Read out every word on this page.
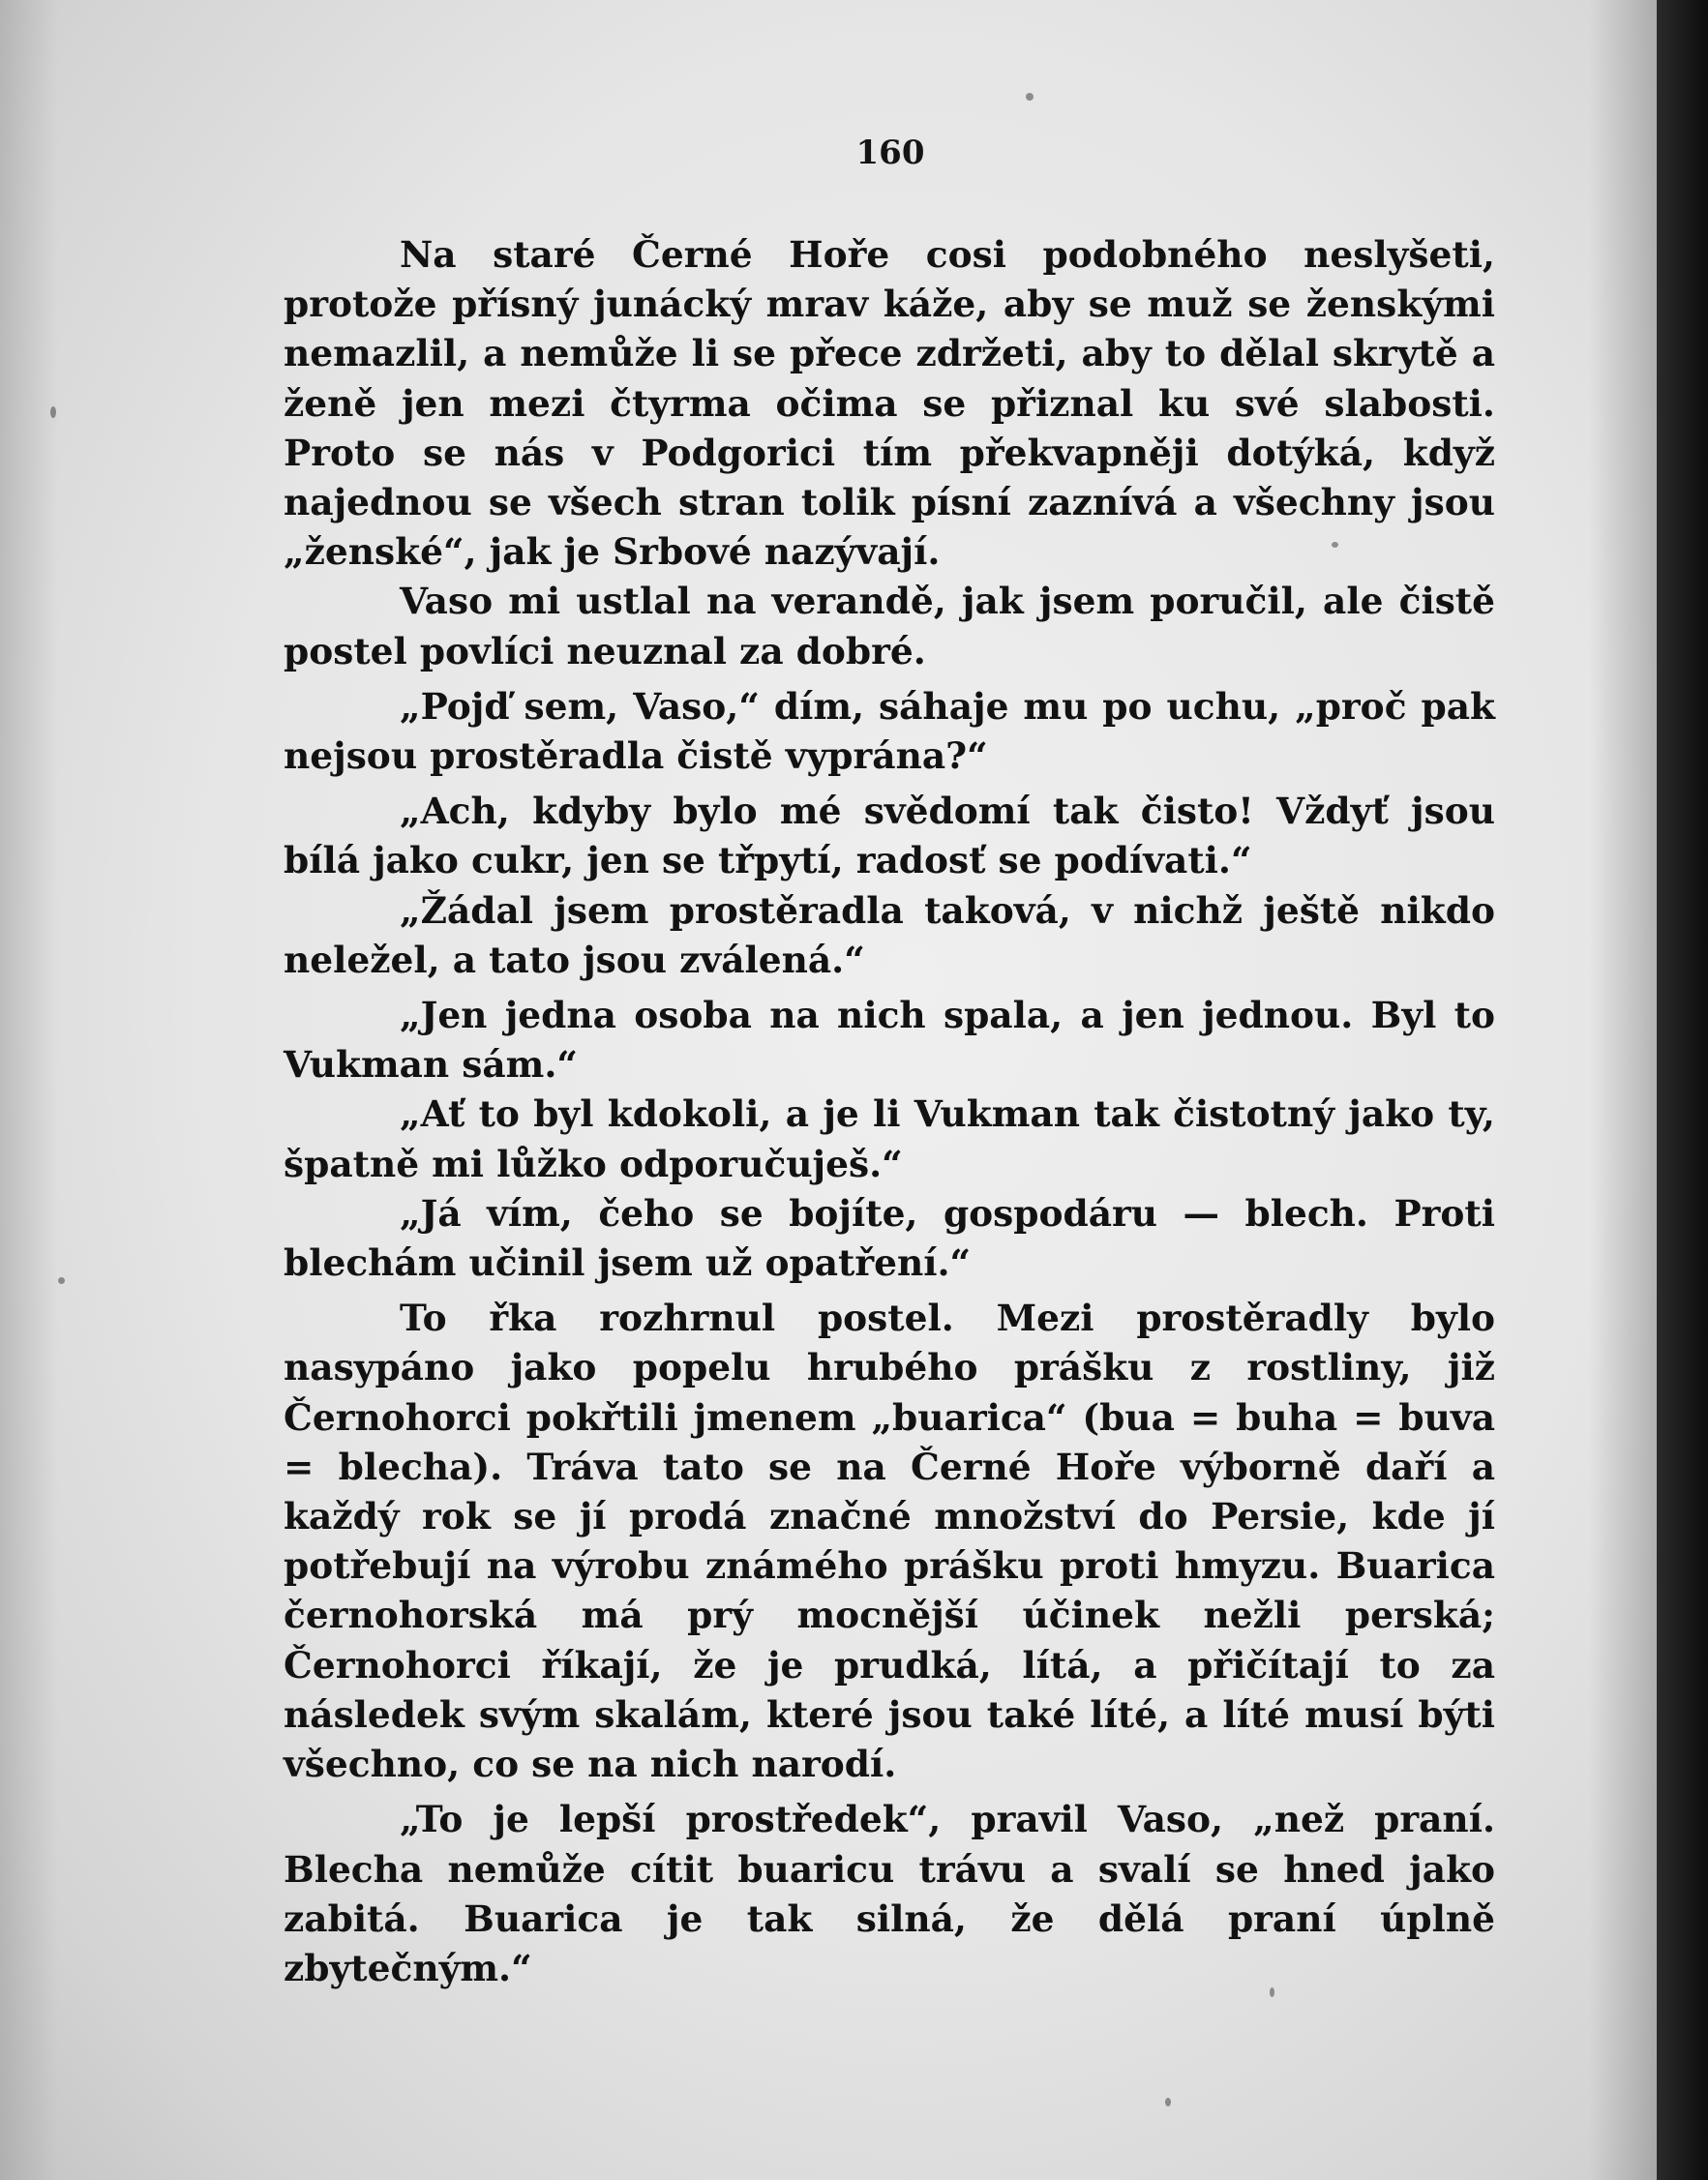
160

Na staré Černé Hoře cosi podobného neslyšeti, protože přísný junácký mrav káže, aby se muž se ženskými nemazlil, a nemůže li se přece zdržeti, aby to dělal skrytě a ženě jen mezi čtyrma očima se přiznal ku své slabosti. Proto se nás v Podgorici tím překvapněji dotýká, když najednou se všech stran tolik písní zaznívá a všechny jsou „ženské“, jak je Srbové nazývají.

Vaso mi ustlal na verandě, jak jsem poručil, ale čistě postel povlíci neuznal za dobré.

„Pojď sem, Vaso,“ dím, sáhaje mu po uchu, „proč pak nejsou prostěradla čistě vyprána?“

„Ach, kdyby bylo mé svědomí tak čisto! Vždyť jsou bílá jako cukr, jen se třpytí, radosť se podívati.“

„Žádal jsem prostěradla taková, v nichž ještě nikdo neležel, a tato jsou zválená.“

„Jen jedna osoba na nich spala, a jen jednou. Byl to Vukman sám.“

„Ať to byl kdokoli, a je li Vukman tak čistotný jako ty, špatně mi lůžko odporučuješ.“

„Já vím, čeho se bojíte, gospodáru — blech. Proti blechám učinil jsem už opatření.“

To řka rozhrnul postel. Mezi prostěradly bylo nasypáno jako popelu hrubého prášku z rostliny, již Černohorci pokřtili jmenem „buarica“ (bua = buha = buva = blecha). Tráva tato se na Černé Hoře výborně daří a každý rok se jí prodá značné množství do Persie, kde jí potřebují na výrobu známého prášku proti hmyzu. Buarica černohorská má prý mocnější účinek nežli perská; Černohorci říkají, že je prudká, lítá, a přičítají to za následek svým skalám, které jsou také líté, a líté musí býti všechno, co se na nich narodí.

„To je lepší prostředek“, pravil Vaso, „než praní. Blecha nemůže cítit buaricu trávu a svalí se hned jako zabitá. Buarica je tak silná, že dělá praní úplně zbytečným.“
